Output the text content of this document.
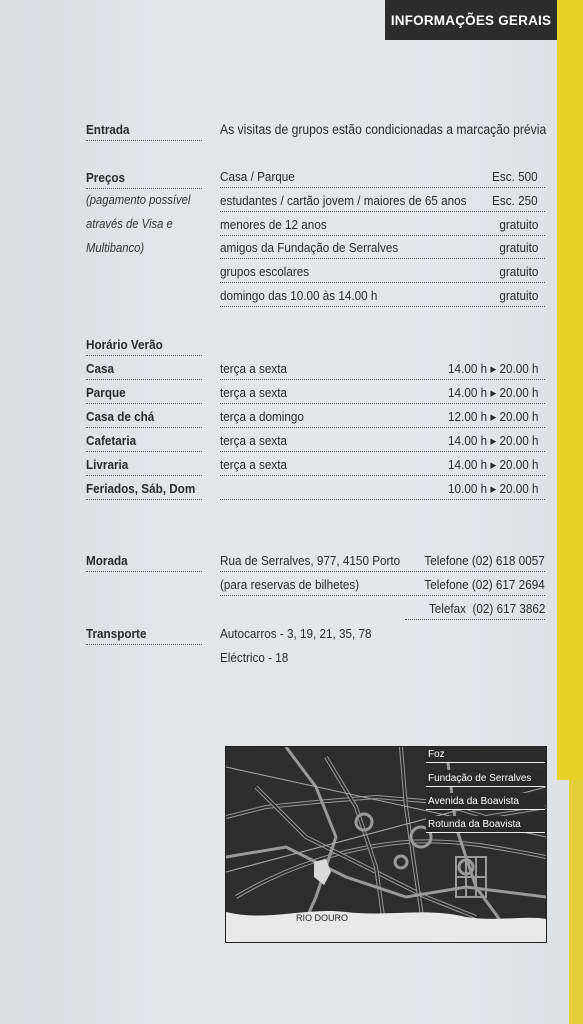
INFORMAÇÕES GERAIS
Entrada	As visitas de grupos estão condicionadas a marcação prévia
Preços
(pagamento possível
através de Visa e
Multibanco)
Casa / Parque	Esc. 500
estudantes / cartão jovem / maiores de 65 anos Esc. 250
menores de 12 anos	gratuito
amigos da Fundação de Serralves	gratuito
grupos escolares	gratuito
domingo das 10.00 às 14.00 h	gratuito
Horário Verão
Casa	terça a sexta	14.00 h ▸ 20.00 h
Parque	terça a sexta	14.00 h ▸ 20.00 h
Casa de chá	terça a domingo	12.00 h ▸ 20.00 h
Cafetaria	terça a sexta	14.00 h ▸ 20.00 h
Livraria	terça a sexta	14.00 h ▸ 20.00 h
Feriados, Sáb, Dom	10.00 h ▸ 20.00 h
Morada	Rua de Serralves, 977, 4150 Porto Telefone (02) 618 0057
(para reservas de bilhetes)	Telefone (02) 617 2694
Telefax  (02) 617 3862
Transporte	Autocarros - 3, 19, 21, 35, 78
Eléctrico - 18
Foz
Fundação de Serralves
Avenida da Boavista
Rotunda da Boavista
RIO DOURO
